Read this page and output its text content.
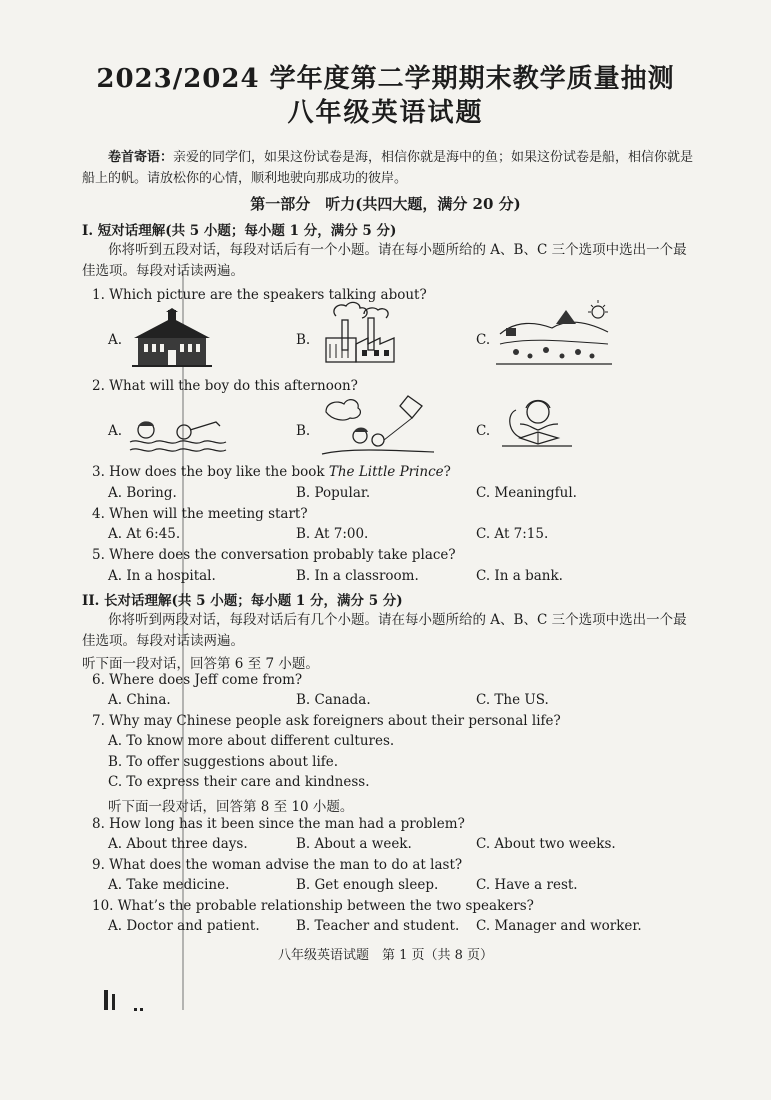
2023/2024 学年度第二学期期末教学质量抽测
八年级英语试题
卷首寄语：亲爱的同学们，如果这份试卷是海，相信你就是海中的鱼；如果这份试卷是船，相信你就是船上的帆。请放松你的心情，顺利地驶向那成功的彼岸。
第一部分　听力(共四大题，满分 20 分)
I. 短对话理解(共 5 小题；每小题 1 分，满分 5 分)
你将听到五段对话，每段对话后有一个小题。请在每小题所给的 A、B、C 三个选项中选出一个最佳选项。每段对话读两遍。
1. Which picture are the speakers talking about?
A.	B.	C.
2. What will the boy do this afternoon?
A.	B.	C.
3. How does the boy like the book The Little Prince?
A. Boring.	B. Popular.	C. Meaningful.
4. When will the meeting start?
A. At 6:45.	B. At 7:00.	C. At 7:15.
5. Where does the conversation probably take place?
A. In a hospital.	B. In a classroom.	C. In a bank.
II. 长对话理解(共 5 小题；每小题 1 分，满分 5 分)
你将听到两段对话，每段对话后有几个小题。请在每小题所给的 A、B、C 三个选项中选出一个最佳选项。每段对话读两遍。
听下面一段对话，回答第 6 至 7 小题。
6. Where does Jeff come from?
A. China.	B. Canada.	C. The US.
7. Why may Chinese people ask foreigners about their personal life?
A. To know more about different cultures.
B. To offer suggestions about life.
C. To express their care and kindness.
听下面一段对话，回答第 8 至 10 小题。
8. How long has it been since the man had a problem?
A. About three days.	B. About a week.	C. About two weeks.
9. What does the woman advise the man to do at last?
A. Take medicine.	B. Get enough sleep.	C. Have a rest.
10. What’s the probable relationship between the two speakers?
A. Doctor and patient.	B. Teacher and student. C. Manager and worker.
八年级英语试题　第 1 页（共 8 页）
